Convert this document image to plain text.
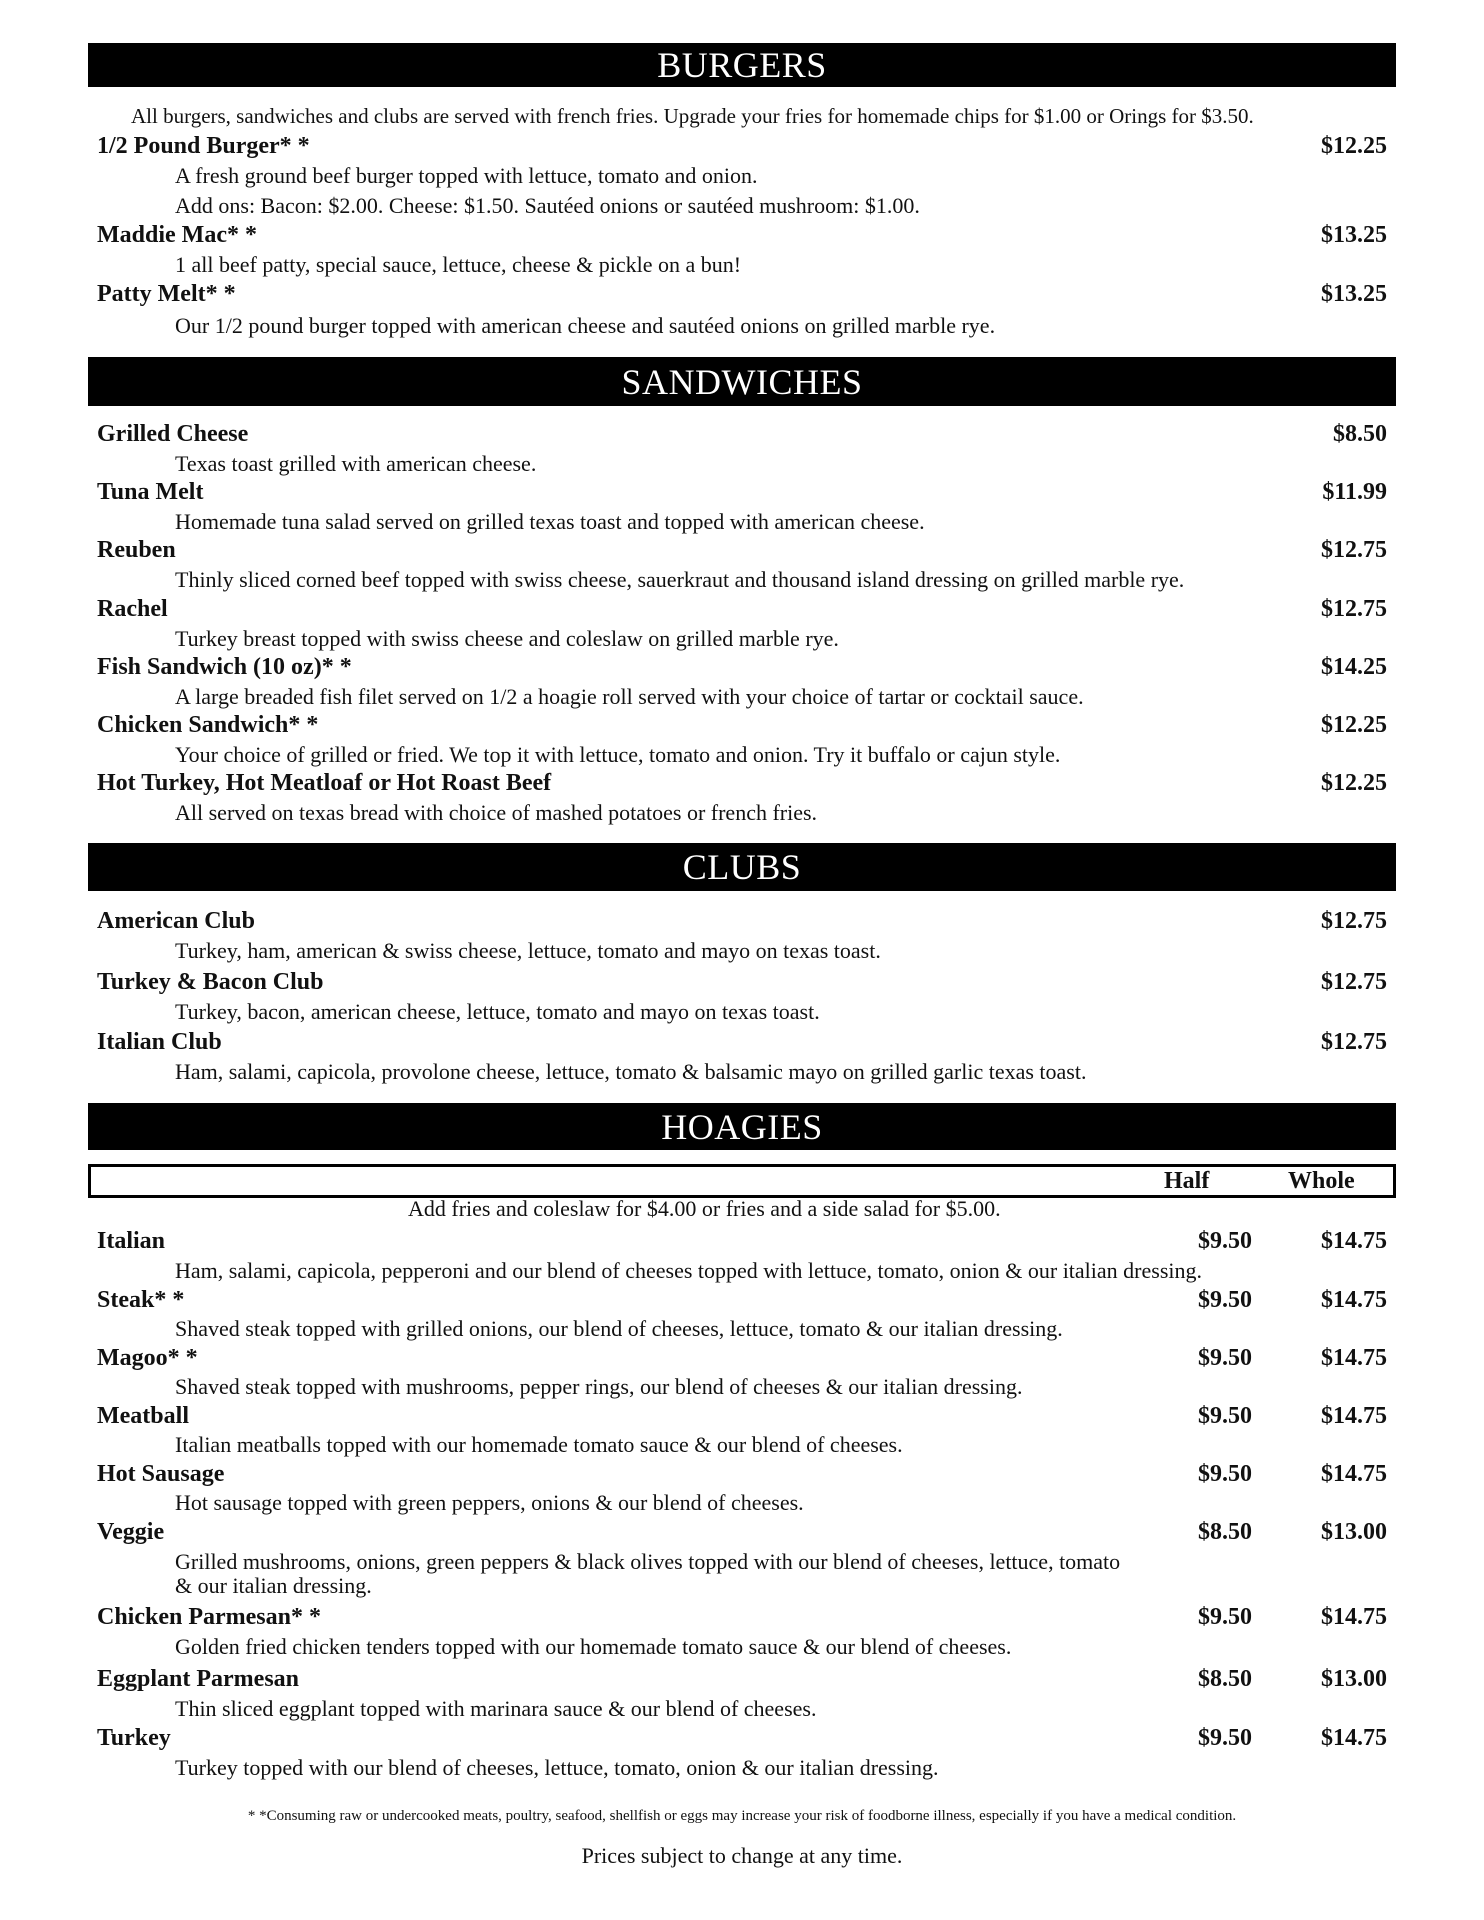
BURGERS
All burgers, sandwiches and clubs are served with french fries. Upgrade your fries for homemade chips for $1.00 or Orings for $3.50.
1/2 Pound Burger* *	$12.25
A fresh ground beef burger topped with lettuce, tomato and onion.
Add ons: Bacon: $2.00. Cheese: $1.50. Sautéed onions or sautéed mushroom: $1.00.
Maddie Mac* *	$13.25
1 all beef patty, special sauce, lettuce, cheese & pickle on a bun!
Patty Melt* *	$13.25
Our 1/2 pound burger topped with american cheese and sautéed onions on grilled marble rye.
SANDWICHES
Grilled Cheese	$8.50
Texas toast grilled with american cheese.
Tuna Melt	$11.99
Homemade tuna salad served on grilled texas toast and topped with american cheese.
Reuben	$12.75
Thinly sliced corned beef topped with swiss cheese, sauerkraut and thousand island dressing on grilled marble rye.
Rachel	$12.75
Turkey breast topped with swiss cheese and coleslaw on grilled marble rye.
Fish Sandwich (10 oz)* *	$14.25
A large breaded fish filet served on 1/2 a hoagie roll served with your choice of tartar or cocktail sauce.
Chicken Sandwich* *	$12.25
Your choice of grilled or fried. We top it with lettuce, tomato and onion. Try it buffalo or cajun style.
Hot Turkey, Hot Meatloaf or Hot Roast Beef	$12.25
All served on texas bread with choice of mashed potatoes or french fries.
CLUBS
American Club	$12.75
Turkey, ham, american & swiss cheese, lettuce, tomato and mayo on texas toast.
Turkey & Bacon Club	$12.75
Turkey, bacon, american cheese, lettuce, tomato and mayo on texas toast.
Italian Club	$12.75
Ham, salami, capicola, provolone cheese, lettuce, tomato & balsamic mayo on grilled garlic texas toast.
HOAGIES
Half	Whole
Add fries and coleslaw for $4.00 or fries and a side salad for $5.00.
Italian	$9.50	$14.75
Ham, salami, capicola, pepperoni and our blend of cheeses topped with lettuce, tomato, onion & our italian dressing.
Steak* *	$9.50	$14.75
Shaved steak topped with grilled onions, our blend of cheeses, lettuce, tomato & our italian dressing.
Magoo* *	$9.50	$14.75
Shaved steak topped with mushrooms, pepper rings, our blend of cheeses & our italian dressing.
Meatball	$9.50	$14.75
Italian meatballs topped with our homemade tomato sauce & our blend of cheeses.
Hot Sausage	$9.50	$14.75
Hot sausage topped with green peppers, onions & our blend of cheeses.
Veggie	$8.50	$13.00
Grilled mushrooms, onions, green peppers & black olives topped with our blend of cheeses, lettuce, tomato
& our italian dressing.
Chicken Parmesan* *	$9.50	$14.75
Golden fried chicken tenders topped with our homemade tomato sauce & our blend of cheeses.
Eggplant Parmesan	$8.50	$13.00
Thin sliced eggplant topped with marinara sauce & our blend of cheeses.
Turkey	$9.50	$14.75
Turkey topped with our blend of cheeses, lettuce, tomato, onion & our italian dressing.
* *Consuming raw or undercooked meats, poultry, seafood, shellfish or eggs may increase your risk of foodborne illness, especially if you have a medical condition.
Prices subject to change at any time.
